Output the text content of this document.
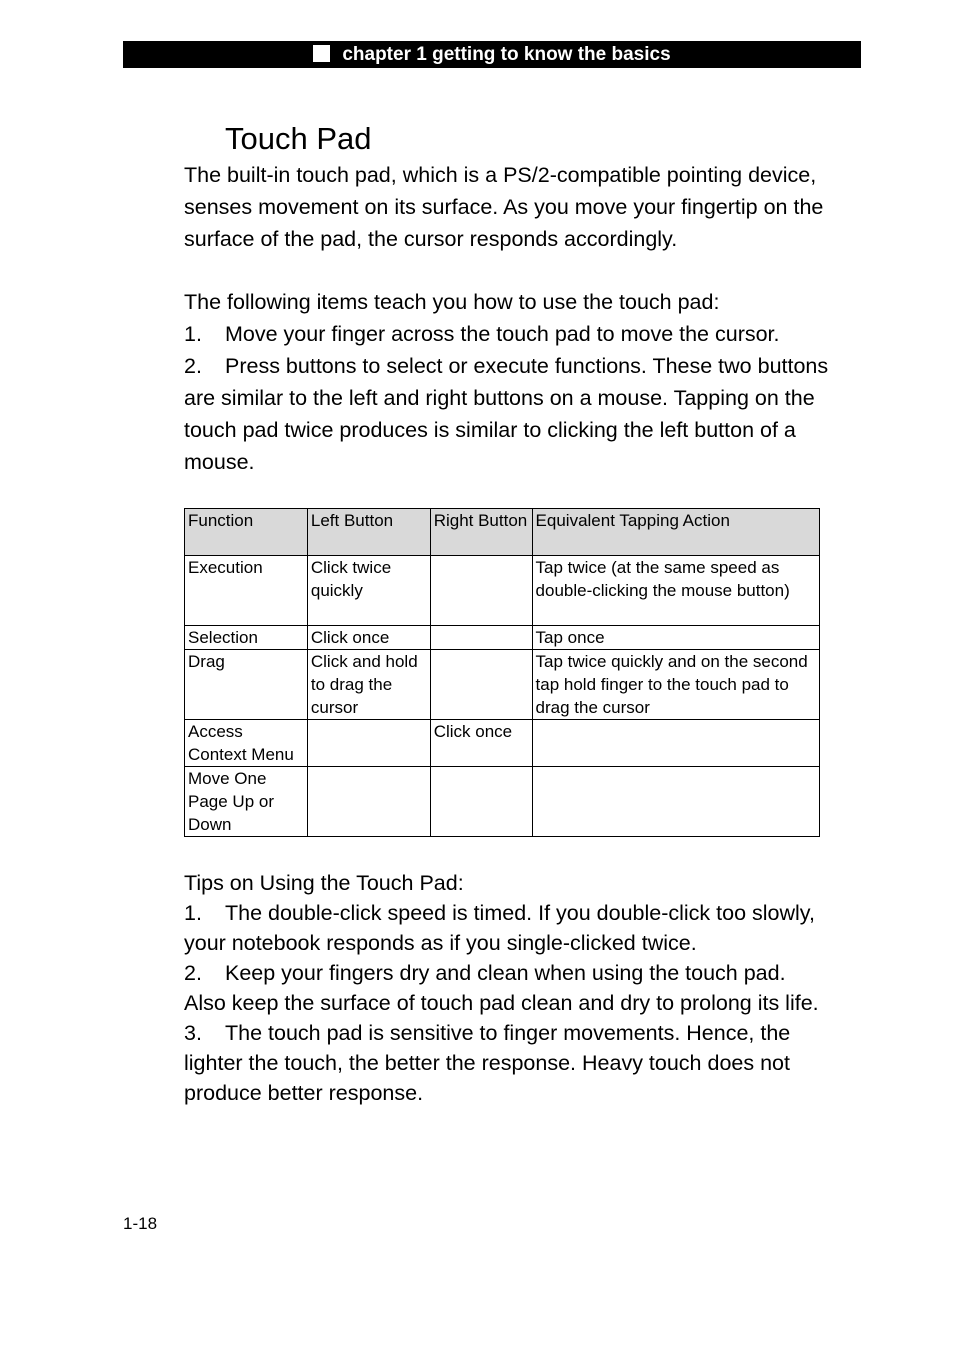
chapter 1 getting to know the basics
Touch Pad
The built-in touch pad, which is a PS/2-compatible pointing device,
senses movement on its surface. As you move your fingertip on the
surface of the pad, the cursor responds accordingly.
The following items teach you how to use the touch pad:
1. Move your finger across the touch pad to move the cursor.
2. Press buttons to select or execute functions. These two buttons
are similar to the left and right buttons on a mouse. Tapping on the
touch pad twice produces is similar to clicking the left button of a
mouse.
Function	Left Button	Right Button	Equivalent Tapping Action
Execution	Click twice quickly		Tap twice (at the same speed as double-clicking the mouse button)
Selection	Click once		Tap once
Drag	Click and hold to drag the cursor		Tap twice quickly and on the second tap hold finger to the touch pad to drag the cursor
Access Context Menu		Click once	
Move One Page Up or Down			
Tips on Using the Touch Pad:
1. The double-click speed is timed. If you double-click too slowly,
your notebook responds as if you single-clicked twice.
2. Keep your fingers dry and clean when using the touch pad.
Also keep the surface of touch pad clean and dry to prolong its life.
3. The touch pad is sensitive to finger movements. Hence, the
lighter the touch, the better the response. Heavy touch does not
produce better response.
1-18
